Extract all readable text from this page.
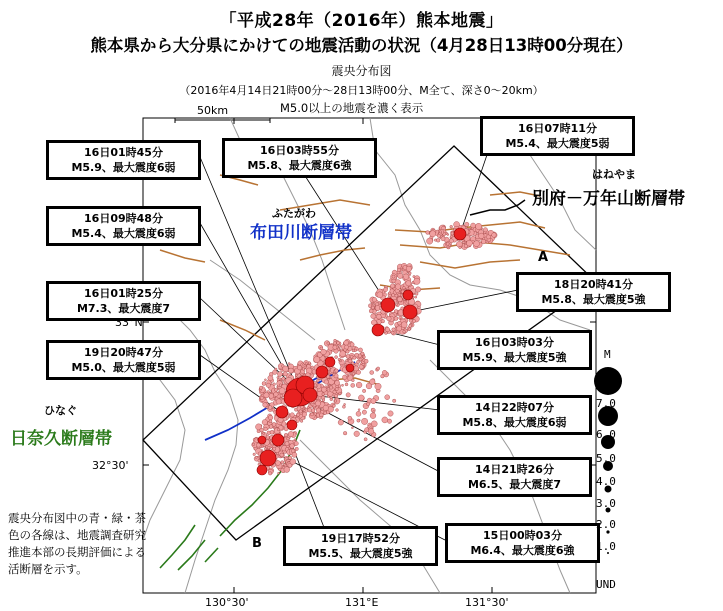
「平成28年（2016年）熊本地震」
熊本県から大分県にかけての地震活動の状況（4月28日13時00分現在）
震央分布図
（2016年4月14日21時00分～28日13時00分、M全て、深さ0～20km）
M5.0以上の地震を濃く表示
50km
16日01時45分
M5.9、最大震度6弱
16日09時48分
M5.4、最大震度6弱
16日01時25分
M7.3、最大震度7
19日20時47分
M5.0、最大震度5弱
16日03時55分
M5.8、最大震度6強
16日07時11分
M5.4、最大震度5弱
18日20時41分
M5.8、最大震度5強
16日03時03分
M5.9、最大震度5強
14日22時07分
M5.8、最大震度6弱
14日21時26分
M6.5、最大震度7
15日00時03分
M6.4、最大震度6強
19日17時52分
M5.5、最大震度5強
ふたがわ
布田川断層帯
ひなぐ
日奈久断層帯
はねやま
別府－万年山断層帯
A
B
130°30'	131°E	131°30'
33°N
32°30'
M
7.0
6.0
5.0
4.0
3.0
2.0
1.0
UND
震央分布図中の青・緑・茶色の各線は、地震調査研究推進本部の長期評価による活断層を示す。
